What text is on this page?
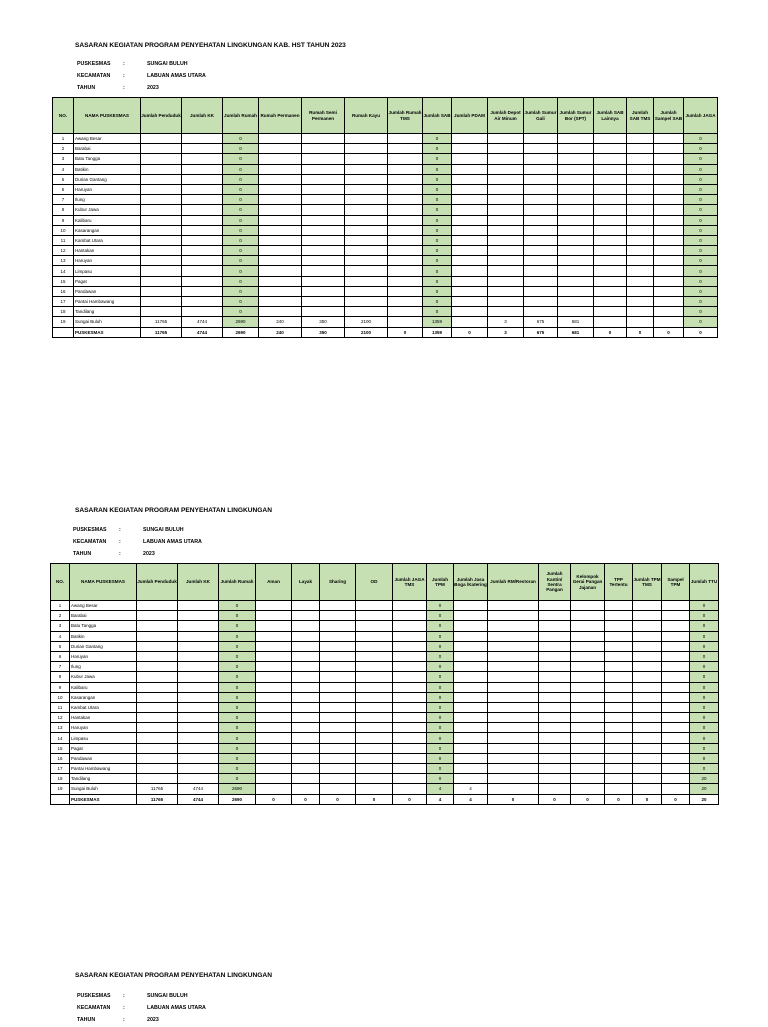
SASARAN KEGIATAN PROGRAM PENYEHATAN LINGKUNGAN KAB. HST TAHUN 2023
PUSKESMAS	:	SUNGAI BULUH
KECAMATAN	:	LABUAN AMAS UTARA
TAHUN	:	2023
NO.	NAMA PUSKESMAS	Jumlah Penduduk	Jumlah KK	Jumlah Rumah	Rumah Permanen	Rumah Semi Permanen	Rumah Kayu	Jumlah Rumah TMS	Jumlah SAB	Jumlah PDAM	Jumlah Depot Air Minum	Jumlah Sumur Gali	Jumlah Sumur Bor (SPT)	Jumlah SAB Lainnya	Jumlah SAB TMS	Jumlah Sampel SAB	Jumlah JAGA
1	Awang Besar			0					0								0
2	Barabai			0					0								0
3	Batu Tangga			0					0								0
4	Batikin			0					0								0
5	Durian Gantang			0					0								0
6	Haruyan			0					0								0
7	Ilung			0					0								0
8	Kubur Jawa			0					0								0
9	Kalibaru			0					0								0
10	Kasarangan			0					0								0
11	Kambat Utara			0					0								0
12	Hantakan			0					0								0
13	Haruyan			0					0								0
14	Limpasu			0					0								0
15	Pagat			0					0								0
16	Pandawan			0					0								0
17	Pantai Hambawang			0					0								0
18	Tandilang			0					0								0
19	Sungai Buluh	11765	4744	2690	240	350	2100		1359		3	675	681				0
	PUSKESMAS	11765	4744	2690	240	350	2100	0	1359	0	3	675	681	0	0	0	0
SASARAN KEGIATAN PROGRAM PENYEHATAN LINGKUNGAN
PUSKESMAS	:	SUNGAI BULUH
KECAMATAN	:	LABUAN AMAS UTARA
TAHUN	:	2023
NO.	NAMA PUSKESMAS	Jumlah Penduduk	Jumlah KK	Jumlah Rumah	Aman	Layak	Sharing	OD	Jumlah JAGA TMS	Jumlah TPM	Jumlah Jasa Boga /Katering	Jumlah RM/Restoran	Jumlah Kantin/ Sentra Pangan	Kelompok Gerai Pangan Jajanan	TPP Tertentu	Jumlah TPM TMS	Sampel TPM	Jumlah TTU
1	Awang Besar			0						0								0
2	Barabai			0						0								0
3	Batu Tangga			0						0								0
4	Batikin			0						0								0
5	Durian Gantang			0						0								0
6	Haruyan			0						0								0
7	Ilung			0						0								0
8	Kubur Jawa			0						0								0
9	Kalibaru			0						0								0
10	Kasarangan			0						0								0
11	Kambat Utara			0						0								0
12	Hantakan			0						0								0
13	Haruyan			0						0								0
14	Limpasu			0						0								0
15	Pagat			0						0								0
16	Pandawan			0						0								0
17	Pantai Hambawang			0						0								0
18	Tandilang			0						0								20
19	Sungai Buluh	11765	4744	2690						4	4							20
	PUSKESMAS	11765	4744	2690	0	0	0	0	0	4	4	0	0	0	0	0	0	20
SASARAN KEGIATAN PROGRAM PENYEHATAN LINGKUNGAN
PUSKESMAS	:	SUNGAI BULUH
KECAMATAN	:	LABUAN AMAS UTARA
TAHUN	:	2023
